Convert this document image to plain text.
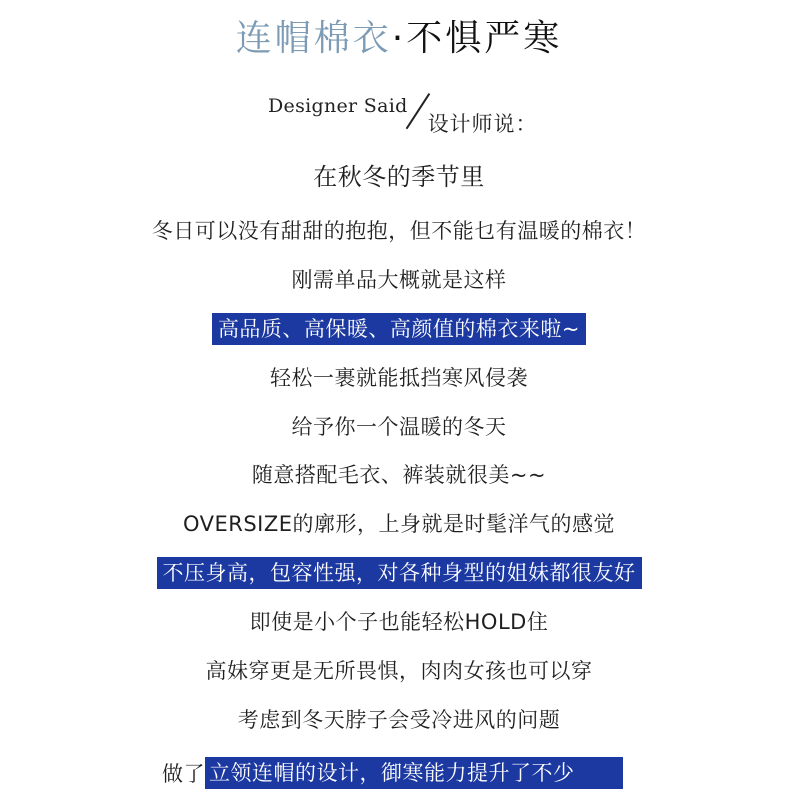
连帽棉衣·不惧严寒
Designer Said
设计师说：
在秋冬的季节里
冬日可以没有甜甜的抱抱，但不能乜有温暖的棉衣！
刚需单品大概就是这样
高品质、高保暖、高颜值的棉衣来啦~
轻松一裹就能抵挡寒风侵袭
给予你一个温暖的冬天
随意搭配毛衣、裤装就很美~~
OVERSIZE的廓形，上身就是时髦洋气的感觉
不压身高，包容性强，对各种身型的姐妹都很友好
即使是小个子也能轻松HOLD住
高妹穿更是无所畏惧，肉肉女孩也可以穿
考虑到冬天脖子会受冷进风的问题
做了 立领连帽的设计，御寒能力提升了不少
